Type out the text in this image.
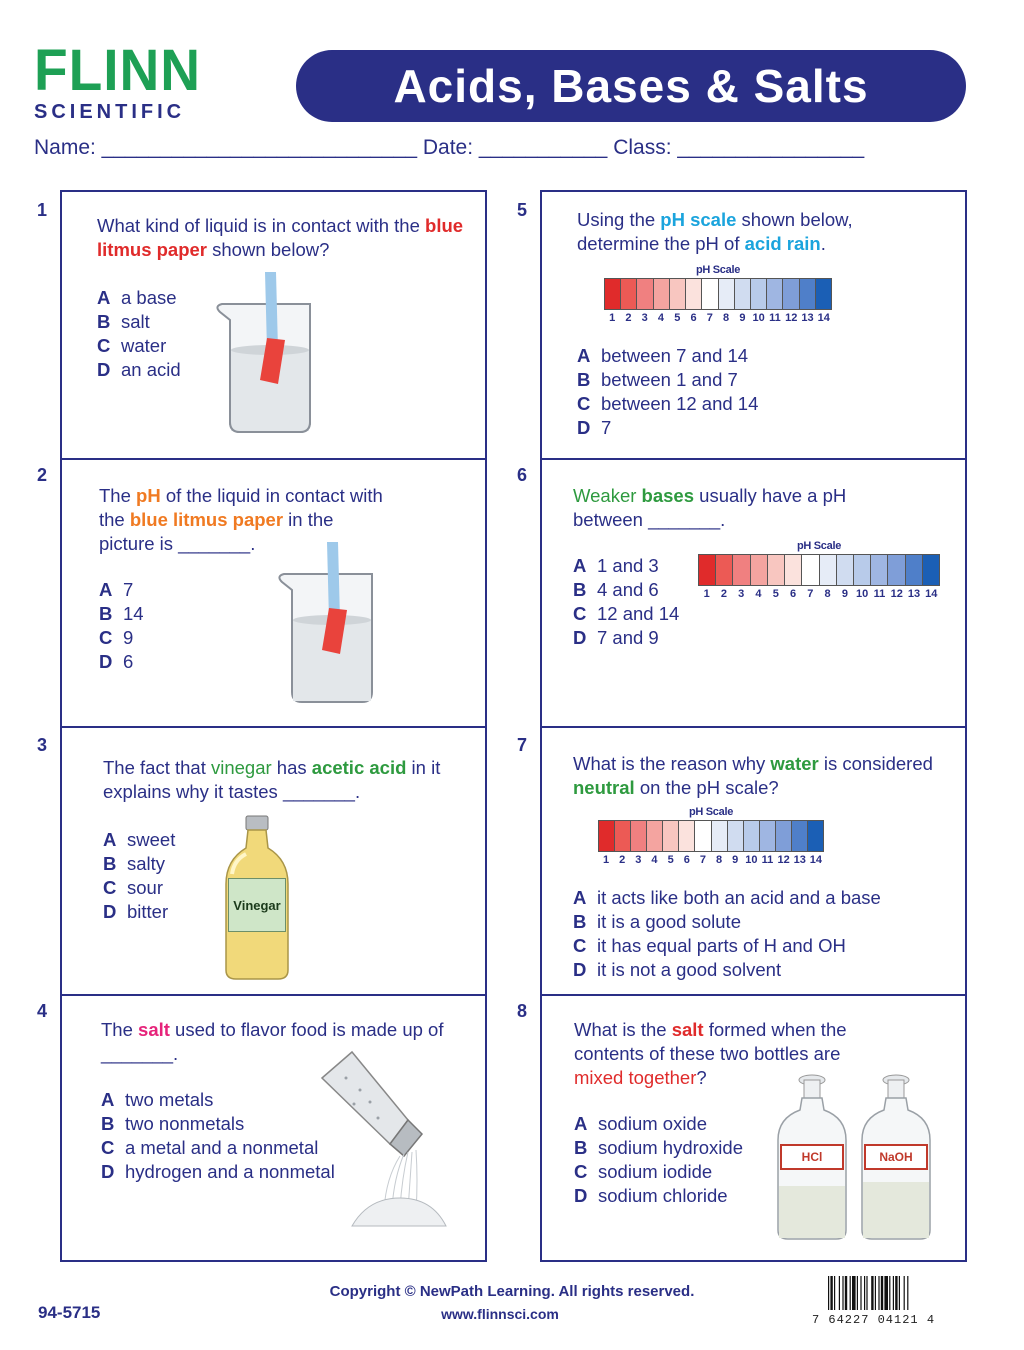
FLINN
SCIENTIFIC	Acids, Bases & Salts
Name: ___________________________ Date: ___________ Class: ________________
1
What kind of liquid is in contact with the blue litmus paper shown below?
A a base
B salt
C water
D an acid
2
The pH of the liquid in contact with the blue litmus paper in the picture is _______.
A 7
B 14
C 9
D 6
3
The fact that vinegar has acetic acid in it explains why it tastes _______.
A sweet
B salty
C sour
D bitter	Vinegar
4
The salt used to flavor food is made up of _______.
A two metals
B two nonmetals
C a metal and a nonmetal
D hydrogen and a nonmetal
5	Using the pH scale shown below, determine the pH of acid rain.
pH Scale
1 2 3 4 5 6 7 8 9 10 11 12 13 14
A between 7 and 14
B between 1 and 7
C between 12 and 14
D 7
6
Weaker bases usually have a pH between _______.
A 1 and 3
B 4 and 6
C 12 and 14
D 7 and 9
pH Scale
1	2	3	4	5	6	7	8	9 10 11 12 13 14
7
What is the reason why water is considered neutral on the pH scale?
pH Scale
1 2 3 4 5 6 7 8 9 10 11 12 13 14
A it acts like both an acid and a base
B it is a good solute
C it has equal parts of H and OH
D it is not a good solvent
8
What is the salt formed when the contents of these two bottles are mixed together?
A sodium oxide
B sodium hydroxide
C sodium iodide
D sodium chloride
HCl	NaOH
94-5715
Copyright © NewPath Learning. All rights reserved.
www.flinnsci.com	7 64227 04121 4
